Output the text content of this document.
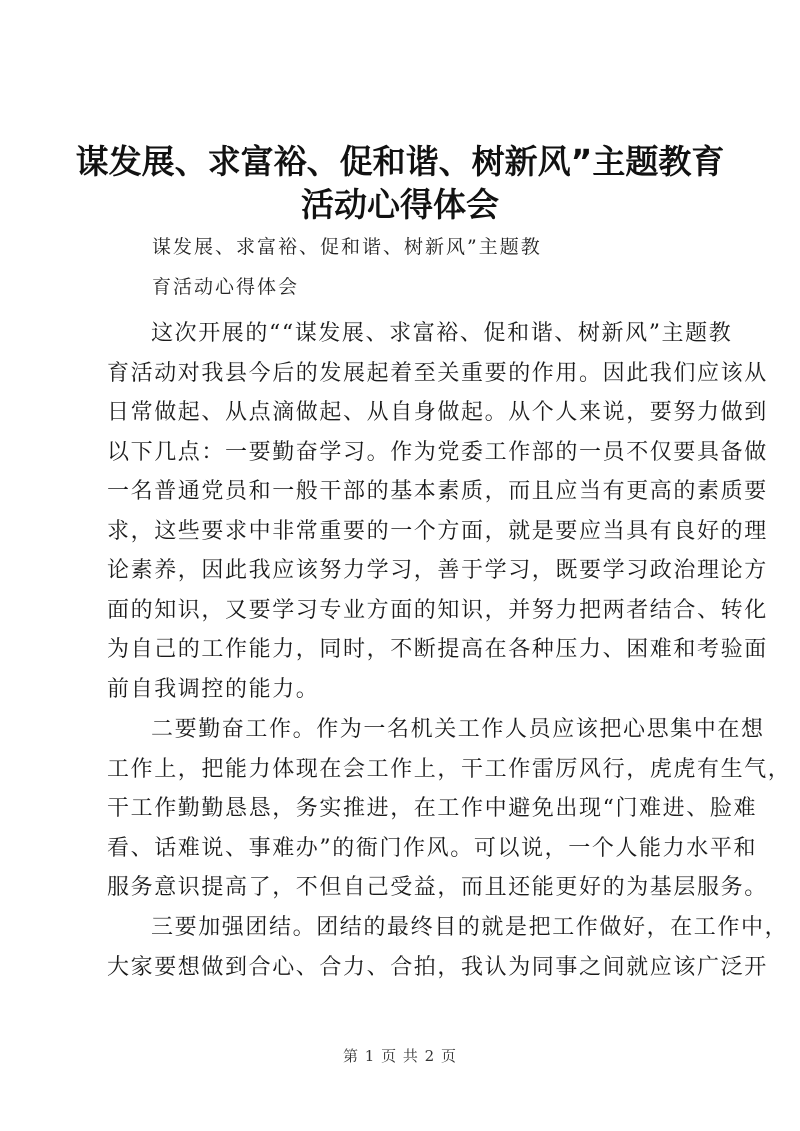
谋发展、求富裕、促和谐、树新风”主题教育
活动心得体会
谋发展、求富裕、促和谐、树新风”主题教
育活动心得体会
这次开展的““谋发展、求富裕、促和谐、树新风”主题教
育活动对我县今后的发展起着至关重要的作用。因此我们应该从
日常做起、从点滴做起、从自身做起。从个人来说，要努力做到
以下几点：一要勤奋学习。作为党委工作部的一员不仅要具备做
一名普通党员和一般干部的基本素质，而且应当有更高的素质要
求，这些要求中非常重要的一个方面，就是要应当具有良好的理
论素养，因此我应该努力学习，善于学习，既要学习政治理论方
面的知识，又要学习专业方面的知识，并努力把两者结合、转化
为自己的工作能力，同时，不断提高在各种压力、困难和考验面
前自我调控的能力。
二要勤奋工作。作为一名机关工作人员应该把心思集中在想
工作上，把能力体现在会工作上，干工作雷厉风行，虎虎有生气，
干工作勤勤恳恳，务实推进，在工作中避免出现“门难进、脸难
看、话难说、事难办”的衙门作风。可以说，一个人能力水平和
服务意识提高了，不但自己受益，而且还能更好的为基层服务。
三要加强团结。团结的最终目的就是把工作做好，在工作中，
大家要想做到合心、合力、合拍，我认为同事之间就应该广泛开
第 1 页 共 2 页
